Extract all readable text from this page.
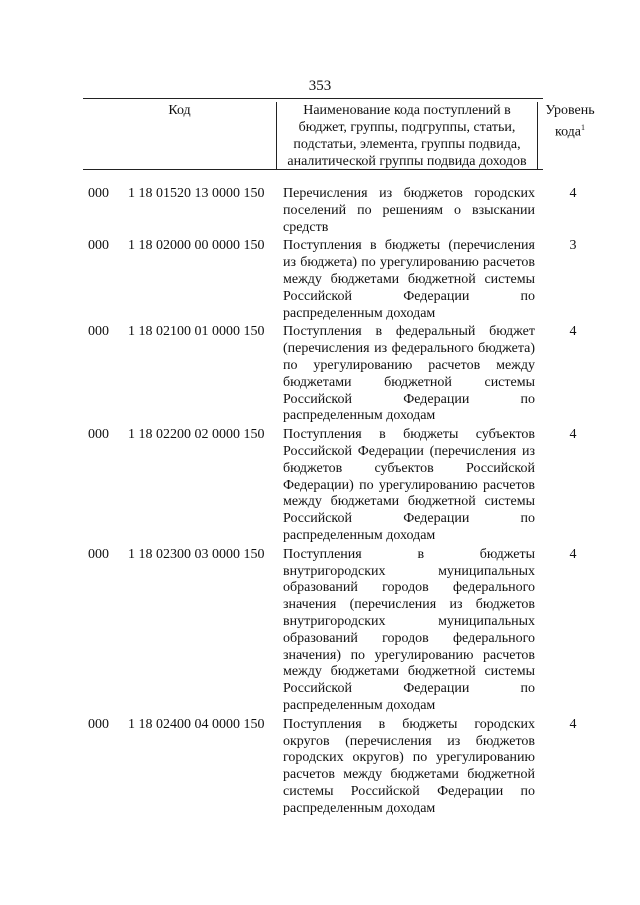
353
Код	Наименование кода поступлений в бюджет, группы, подгруппы, статьи, подстатьи, элемента, группы подвида, аналитической группы подвида доходов
Уровень кода$^1$
000 1 18 01520 13 0000 150 Перечисления из бюджетов городских поселений по решениям о взыскании средств
4
000 1 18 02000 00 0000 150 Поступления в бюджеты (перечисления из бюджета) по урегулированию расчетов между бюджетами бюджетной системы Российской Федерации по распределенным доходам
3
000 1 18 02100 01 0000 150 Поступления в федеральный бюджет (перечисления из федерального бюджета) по урегулированию расчетов между бюджетами бюджетной системы Российской Федерации по распределенным доходам
4
000 1 18 02200 02 0000 150 Поступления в бюджеты субъектов Российской Федерации (перечисления из бюджетов субъектов Российской Федерации) по урегулированию расчетов между бюджетами бюджетной системы Российской Федерации по распределенным доходам
4
000 1 18 02300 03 0000 150 Поступления в бюджеты внутригородских муниципальных образований городов федерального значения (перечисления из бюджетов внутригородских муниципальных образований городов федерального значения) по урегулированию расчетов между бюджетами бюджетной системы Российской Федерации по распределенным доходам
4
000 1 18 02400 04 0000 150 Поступления в бюджеты городских округов (перечисления из бюджетов городских округов) по урегулированию расчетов между бюджетами бюджетной системы Российской Федерации по распределенным доходам
4
